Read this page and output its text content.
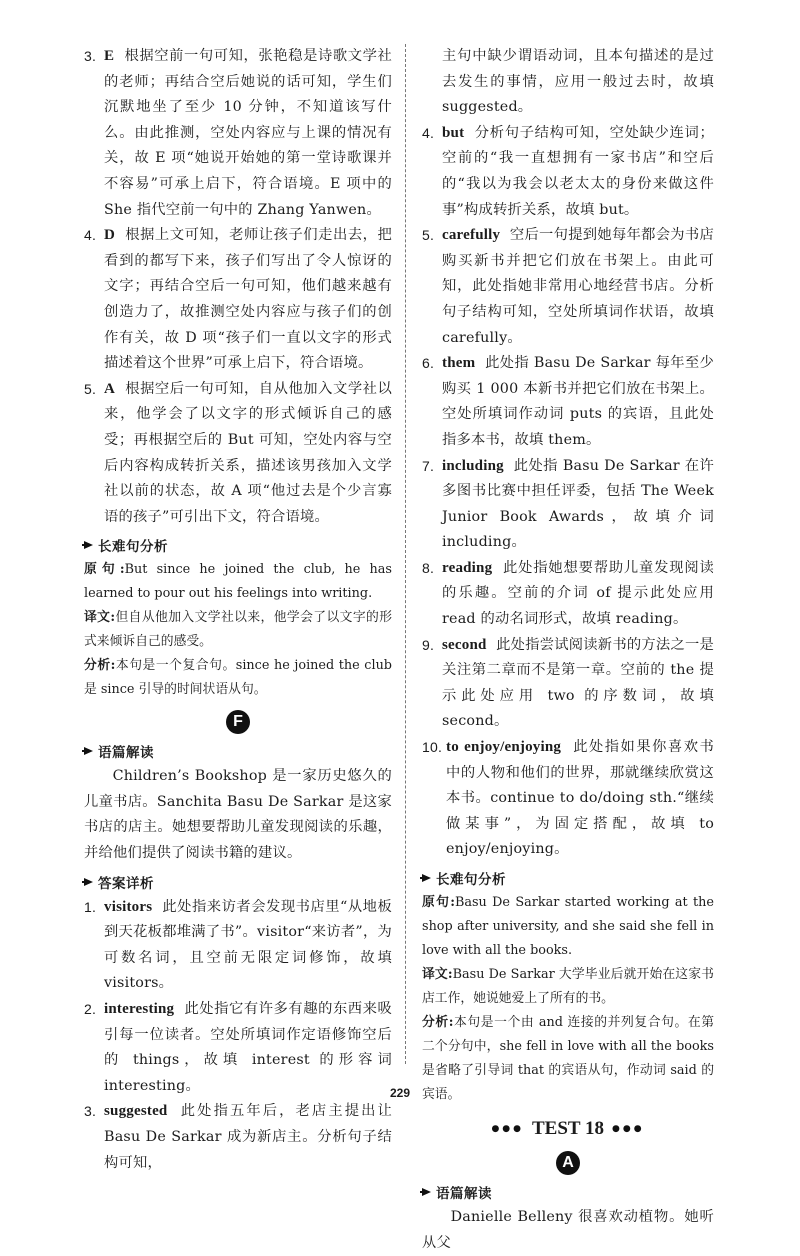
3. E 根据空前一句可知，张艳稳是诗歌文学社的老师；再结合空后她说的话可知，学生们沉默地坐了至少 10 分钟，不知道该写什么。由此推测，空处内容应与上课的情况有关，故 E 项“她说开始她的第一堂诗歌课并不容易”可承上启下，符合语境。E 项中的 She 指代空前一句中的 Zhang Yanwen。

4. D 根据上文可知，老师让孩子们走出去，把看到的都写下来，孩子们写出了令人惊讶的文字；再结合空后一句可知，他们越来越有创造力了，故推测空处内容应与孩子们的创作有关，故 D 项“孩子们一直以文字的形式描述着这个世界”可承上启下，符合语境。

5. A 根据空后一句可知，自从他加入文学社以来，他学会了以文字的形式倾诉自己的感受；再根据空后的 But 可知，空处内容与空后内容构成转折关系，描述该男孩加入文学社以前的状态，故 A 项“他过去是个少言寡语的孩子”可引出下文，符合语境。

长难句分析

原句:But since he joined the club, he has learned to pour out his feelings into writing.

译文:但自从他加入文学社以来，他学会了以文字的形式来倾诉自己的感受。

分析:本句是一个复合句。since he joined the club 是 since 引导的时间状语从句。

F
语篇解读

Children’s Bookshop 是一家历史悠久的儿童书店。Sanchita Basu De Sarkar 是这家书店的店主。她想要帮助儿童发现阅读的乐趣，并给他们提供了阅读书籍的建议。

答案详析
1. visitors 此处指来访者会发现书店里“从地板到天花板都堆满了书”。visitor“来访者”，为可数名词，且空前无限定词修饰，故填 visitors。

2. interesting 此处指它有许多有趣的东西来吸引每一位读者。空处所填词作定语修饰空后的 things，故填 interest 的形容词 interesting。

3. suggested 此处指五年后，老店主提出让 Basu De Sarkar 成为新店主。分析句子结构可知，

主句中缺少谓语动词，且本句描述的是过去发生的事情，应用一般过去时，故填 suggested。

4. but 分析句子结构可知，空处缺少连词；空前的“我一直想拥有一家书店”和空后的“我以为我会以老太太的身份来做这件事”构成转折关系，故填 but。

5. carefully 空后一句提到她每年都会为书店购买新书并把它们放在书架上。由此可知，此处指她非常用心地经营书店。分析句子结构可知，空处所填词作状语，故填 carefully。

6. them 此处指 Basu De Sarkar 每年至少购买 1 000 本新书并把它们放在书架上。空处所填词作动词 puts 的宾语，且此处指多本书，故填 them。

7. including 此处指 Basu De Sarkar 在许多图书比赛中担任评委，包括 The Week Junior Book Awards，故填介词 including。

8. reading 此处指她想要帮助儿童发现阅读的乐趣。空前的介词 of 提示此处应用 read 的动名词形式，故填 reading。

9. second 此处指尝试阅读新书的方法之一是关注第二章而不是第一章。空前的 the 提示此处应用 two 的序数词，故填 second。

10. to enjoy/enjoying 此处指如果你喜欢书中的人物和他们的世界，那就继续欣赏这本书。continue to do/doing sth.“继续做某事”，为固定搭配，故填 to enjoy/enjoying。

长难句分析

原句:Basu De Sarkar started working at the shop after university, and she said she fell in love with all the books.

译文:Basu De Sarkar 大学毕业后就开始在这家书店工作，她说她爱上了所有的书。

分析:本句是一个由 and 连接的并列复合句。在第二个分句中，she fell in love with all the books 是省略了引导词 that 的宾语从句，作动词 said 的宾语。

●●● TEST 18 ●●●
A
语篇解读

Danielle Belleny 很喜欢动植物。她听从父

229
